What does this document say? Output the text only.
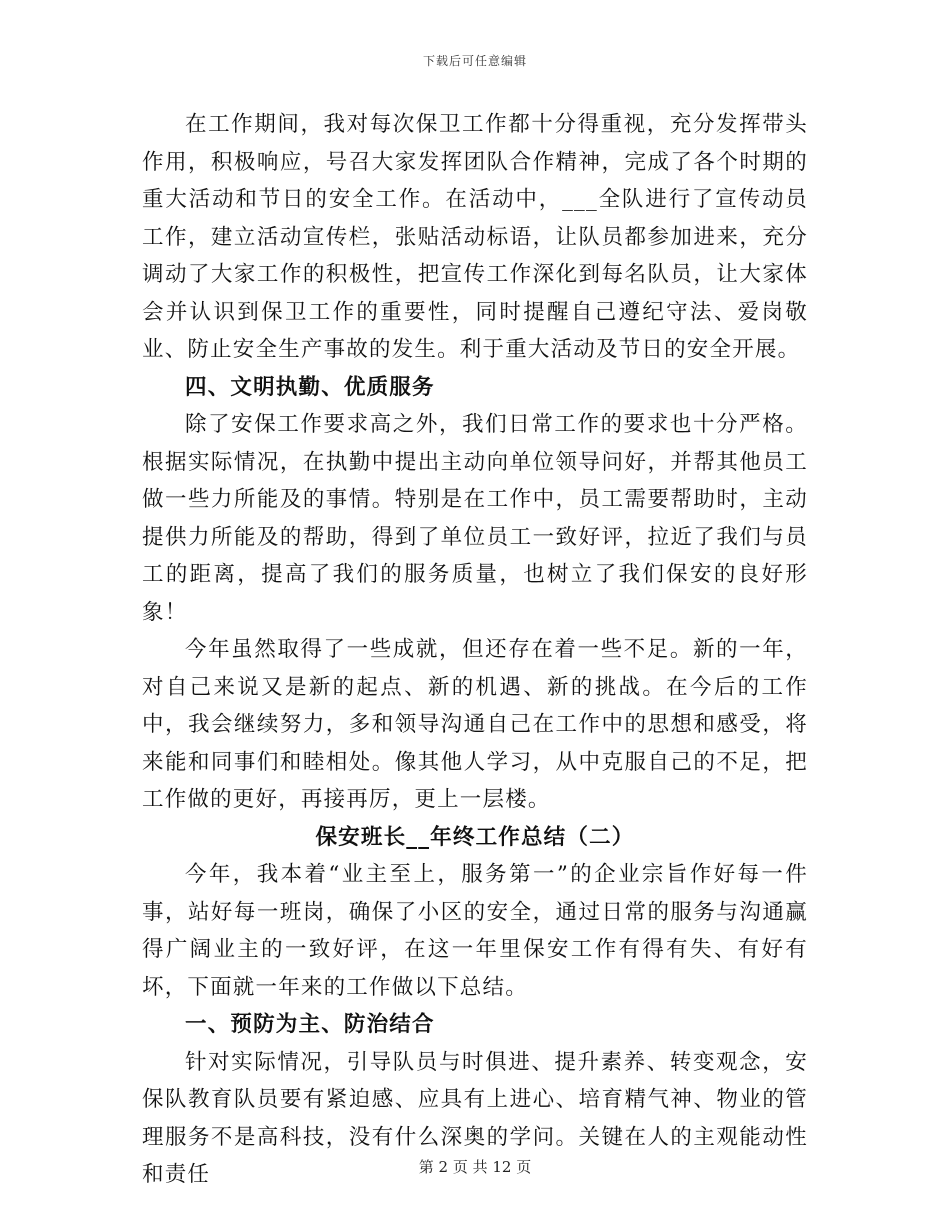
下载后可任意编辑

在工作期间，我对每次保卫工作都十分得重视，充分发挥带头作用，积极响应，号召大家发挥团队合作精神，完成了各个时期的重大活动和节日的安全工作。在活动中，___全队进行了宣传动员工作，建立活动宣传栏，张贴活动标语，让队员都参加进来，充分调动了大家工作的积极性，把宣传工作深化到每名队员，让大家体会并认识到保卫工作的重要性，同时提醒自己遵纪守法、爱岗敬业、防止安全生产事故的发生。利于重大活动及节日的安全开展。

四、文明执勤、优质服务

除了安保工作要求高之外，我们日常工作的要求也十分严格。根据实际情况，在执勤中提出主动向单位领导问好，并帮其他员工做一些力所能及的事情。特别是在工作中，员工需要帮助时，主动提供力所能及的帮助，得到了单位员工一致好评，拉近了我们与员工的距离，提高了我们的服务质量，也树立了我们保安的良好形象！

今年虽然取得了一些成就，但还存在着一些不足。新的一年，对自己来说又是新的起点、新的机遇、新的挑战。在今后的工作中，我会继续努力，多和领导沟通自己在工作中的思想和感受，将来能和同事们和睦相处。像其他人学习，从中克服自己的不足，把工作做的更好，再接再厉，更上一层楼。

保安班长__年终工作总结（二）

今年，我本着“业主至上，服务第一”的企业宗旨作好每一件事，站好每一班岗，确保了小区的安全，通过日常的服务与沟通赢得广阔业主的一致好评，在这一年里保安工作有得有失、有好有坏，下面就一年来的工作做以下总结。

一、预防为主、防治结合

针对实际情况，引导队员与时俱进、提升素养、转变观念，安保队教育队员要有紧迫感、应具有上进心、培育精气神、物业的管理服务不是高科技，没有什么深奥的学问。关键在人的主观能动性和责任	第 2 页 共 12 页
